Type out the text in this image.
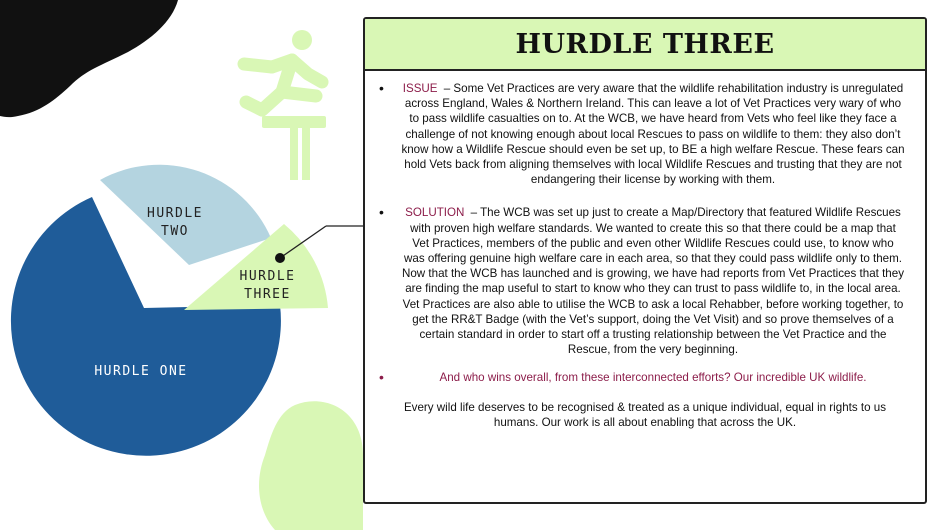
HURDLE ONE
HURDLE
TWO
HURDLE
THREE
HURDLE THREE
•	ISSUE – Some Vet Practices are very aware that the wildlife rehabilitation industry is unregulated across England, Wales & Northern Ireland. This can leave a lot of Vet Practices very wary of who to pass wildlife casualties on to. At the WCB, we have heard from Vets who feel like they face a challenge of not knowing enough about local Rescues to pass on wildlife to them: they also don’t know how a Wildlife Rescue should even be set up, to BE a high welfare Rescue. These fears can hold Vets back from aligning themselves with local Wildlife Rescues and trusting that they are not endangering their license by working with them.
•	SOLUTION – The WCB was set up just to create a Map/Directory that featured Wildlife Rescues with proven high welfare standards. We wanted to create this so that there could be a map that Vet Practices, members of the public and even other Wildlife Rescues could use, to know who was offering genuine high welfare care in each area, so that they could pass wildlife only to them. Now that the WCB has launched and is growing, we have had reports from Vet Practices that they are finding the map useful to start to know who they can trust to pass wildlife to, in the local area. Vet Practices are also able to utilise the WCB to ask a local Rehabber, before working together, to get the RR&T Badge (with the Vet’s support, doing the Vet Visit) and so prove themselves of a certain standard in order to start off a trusting relationship between the Vet Practice and the Rescue, from the very beginning.
•	And who wins overall, from these interconnected efforts? Our incredible UK wildlife.
Every wild life deserves to be recognised & treated as a unique individual, equal in rights to us humans. Our work is all about enabling that across the UK.
